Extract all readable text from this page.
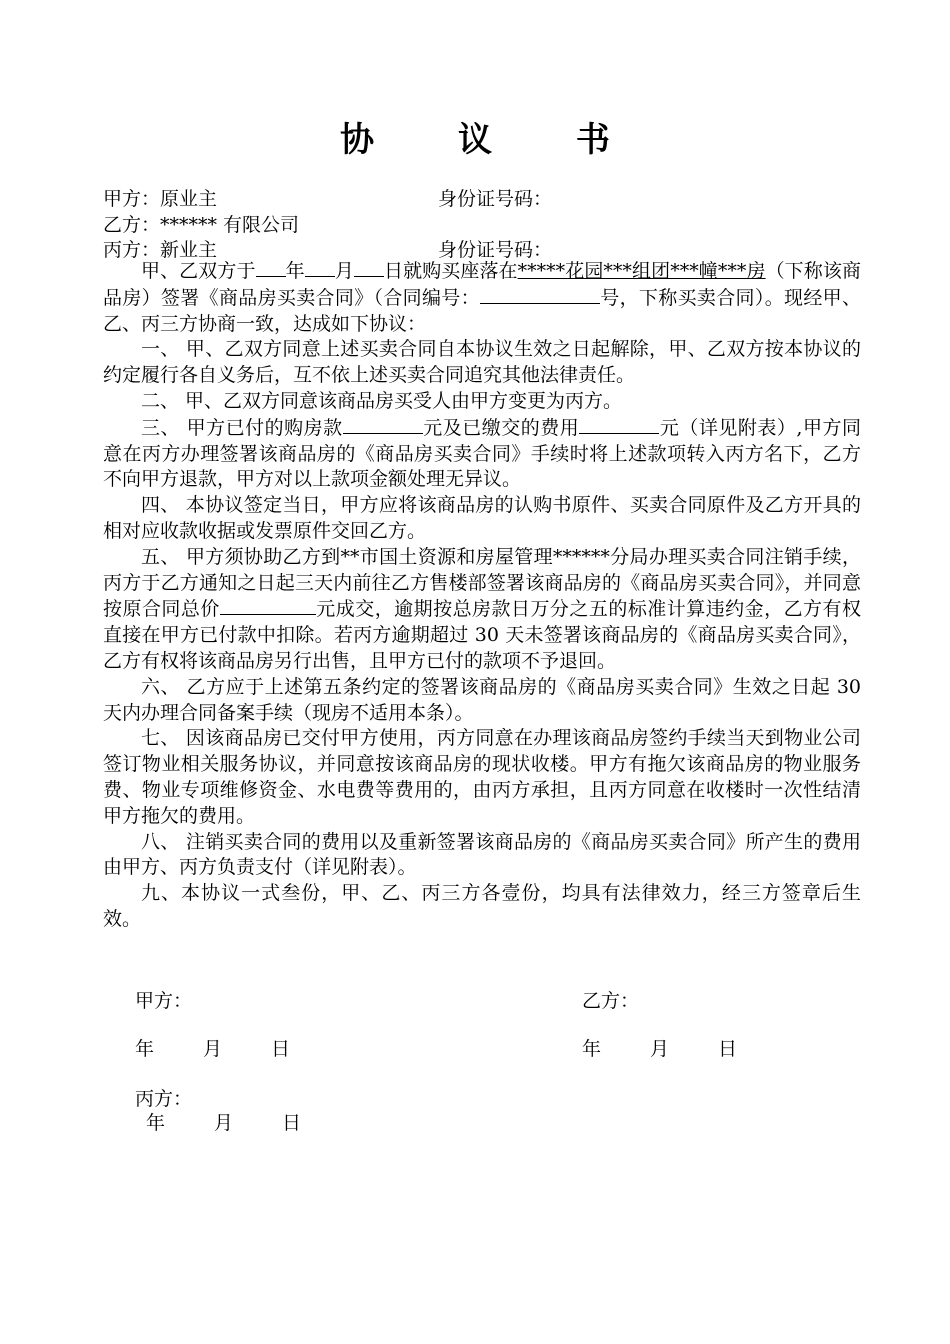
协 议 书
甲方：原业主	身份证号码：
乙方：****** 有限公司
丙方：新业主	身份证号码：

甲、乙双方于 年 月 日就购买座落在*****花园***组团***幢***房（下称该商品房）签署《商品房买卖合同》（合同编号：	号，下称买卖合同）。现经甲、乙、丙三方协商一致，达成如下协议：

一、 甲、乙双方同意上述买卖合同自本协议生效之日起解除，甲、乙双方按本协议的约定履行各自义务后，互不依上述买卖合同追究其他法律责任。

二、 甲、乙双方同意该商品房买受人由甲方变更为丙方。

三、 甲方已付的购房款	元及已缴交的费用	元（详见附表）,甲方同意在丙方办理签署该商品房的《商品房买卖合同》手续时将上述款项转入丙方名下，乙方不向甲方退款，甲方对以上款项金额处理无异议。

四、 本协议签定当日，甲方应将该商品房的认购书原件、买卖合同原件及乙方开具的相对应收款收据或发票原件交回乙方。

五、 甲方须协助乙方到**市国土资源和房屋管理******分局办理买卖合同注销手续，丙方于乙方通知之日起三天内前往乙方售楼部签署该商品房的《商品房买卖合同》，并同意按原合同总价	元成交，逾期按总房款日万分之五的标准计算违约金，乙方有权直接在甲方已付款中扣除。若丙方逾期超过 30 天未签署该商品房的《商品房买卖合同》，乙方有权将该商品房另行出售，且甲方已付的款项不予退回。

六、 乙方应于上述第五条约定的签署该商品房的《商品房买卖合同》生效之日起 30 天内办理合同备案手续（现房不适用本条）。

七、 因该商品房已交付甲方使用，丙方同意在办理该商品房签约手续当天到物业公司签订物业相关服务协议，并同意按该商品房的现状收楼。甲方有拖欠该商品房的物业服务费、物业专项维修资金、水电费等费用的，由丙方承担，且丙方同意在收楼时一次性结清甲方拖欠的费用。

八、 注销买卖合同的费用以及重新签署该商品房的《商品房买卖合同》所产生的费用由甲方、丙方负责支付（详见附表）。

九、本协议一式叁份，甲、乙、丙三方各壹份，均具有法律效力，经三方签章后生效。

甲方：	乙方：
年	月	日	年	月	日
丙方：
年	月	日
